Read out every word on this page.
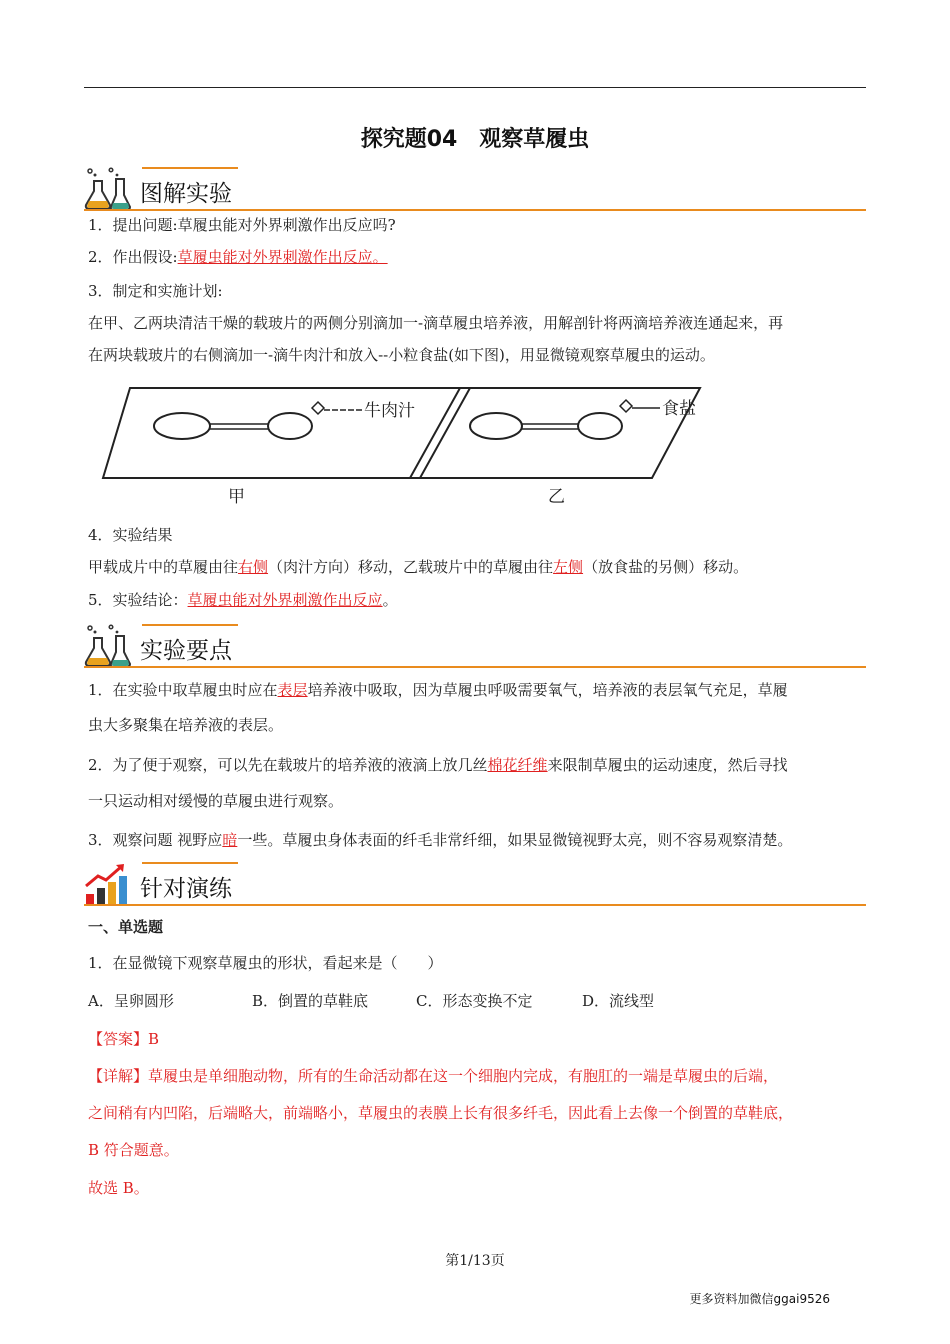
探究题04　观察草履虫
图解实验
1．提出问题:草履虫能对外界刺激作出反应吗?
2．作出假设:草履虫能对外界刺激作出反应。
3．制定和实施计划:
在甲、乙两块清洁干燥的载玻片的两侧分别滴加一-滴草履虫培养液，用解剖针将两滴培养液连通起来，再
在两块载玻片的右侧滴加一-滴牛肉汁和放入--小粒食盐(如下图)，用显微镜观察草履虫的运动。
牛肉汁
甲
食盐
乙
4．实验结果
甲载成片中的草履由往右侧（肉汁方向）移动，乙载玻片中的草履由往左侧（放食盐的另侧）移动。
5．实验结论：草履虫能对外界刺激作出反应。
实验要点
1．在实验中取草履虫时应在表层培养液中吸取，因为草履虫呼吸需要氧气，培养液的表层氧气充足，草履
虫大多聚集在培养液的表层。
2．为了便于观察，可以先在载玻片的培养液的液滴上放几丝棉花纤维来限制草履虫的运动速度，然后寻找
一只运动相对缓慢的草履虫进行观察。
3．观察问题 视野应暗一些。草履虫身体表面的纤毛非常纤细，如果显微镜视野太亮，则不容易观察清楚。
针对演练
一、单选题
1．在显微镜下观察草履虫的形状，看起来是（　　）
A．呈卵圆形	B．倒置的草鞋底	C．形态变换不定	D．流线型
【答案】B
【详解】草履虫是单细胞动物，所有的生命活动都在这一个细胞内完成，有胞肛的一端是草履虫的后端，
之间稍有内凹陷，后端略大，前端略小，草履虫的表膜上长有很多纤毛，因此看上去像一个倒置的草鞋底，
B 符合题意。
故选 B。
第1/13页
更多资料加微信ggai9526
